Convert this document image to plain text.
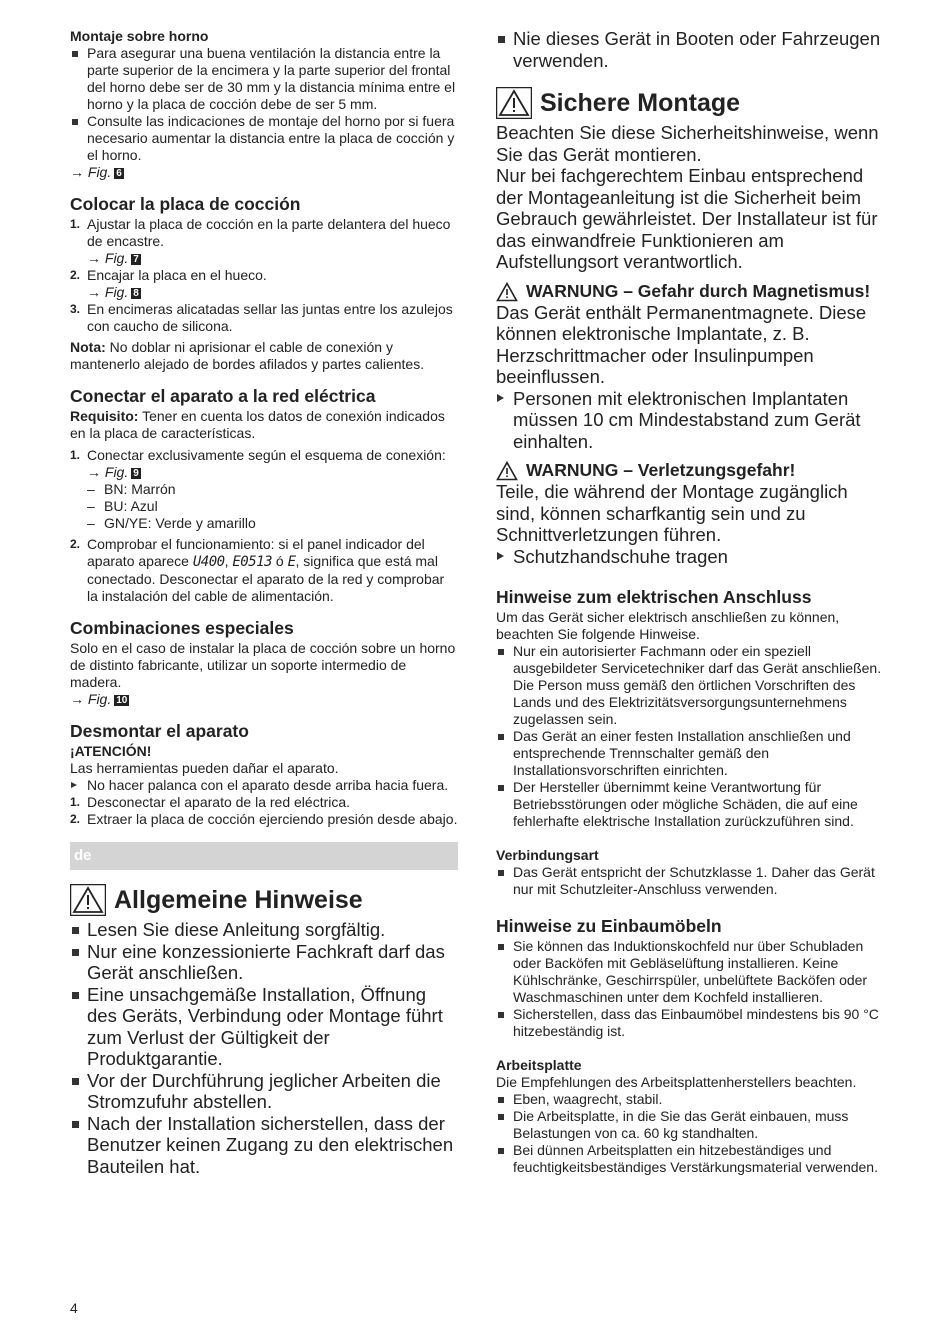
Montaje sobre horno

Para asegurar una buena ventilación la distancia entre la parte superior de la encimera y la parte superior del frontal del horno debe ser de 30 mm y la distancia mínima entre el horno y la placa de cocción debe de ser 5 mm.
Consulte las indicaciones de montaje del horno por si fuera necesario aumentar la distancia entre la placa de cocción y el horno.

→ Fig. 6

Colocar la placa de cocción

1. Ajustar la placa de cocción en la parte delantera del hueco de encastre.
→ Fig. 7
2. Encajar la placa en el hueco.
→ Fig. 8
3. En encimeras alicatadas sellar las juntas entre los azulejos con caucho de silicona.

Nota: No doblar ni aprisionar el cable de conexión y mantenerlo alejado de bordes afilados y partes calientes.

Conectar el aparato a la red eléctrica

Requisito: Tener en cuenta los datos de conexión indicados en la placa de características.

1. Conectar exclusivamente según el esquema de conexión:
→ Fig. 9
– BN: Marrón
– BU: Azul
– GN/YE: Verde y amarillo
2. Comprobar el funcionamiento: si el panel indicador del aparato aparece U400, E0513 ó E, significa que está mal conectado. Desconectar el aparato de la red y comprobar la instalación del cable de alimentación.

Combinaciones especiales

Solo en el caso de instalar la placa de cocción sobre un horno de distinto fabricante, utilizar un soporte intermedio de madera.

→ Fig. 10

Desmontar el aparato

¡ATENCIÓN!

Las herramientas pueden dañar el aparato.

No hacer palanca con el aparato desde arriba hacia fuera.
1. Desconectar el aparato de la red eléctrica.
2. Extraer la placa de cocción ejerciendo presión desde abajo.
de
Allgemeine Hinweise
Lesen Sie diese Anleitung sorgfältig.
Nur eine konzessionierte Fachkraft darf das Gerät anschließen.
Eine unsachgemäße Installation, Öffnung des Geräts, Verbindung oder Montage führt zum Verlust der Gültigkeit der Produktgarantie.
Vor der Durchführung jeglicher Arbeiten die Stromzufuhr abstellen.
Nach der Installation sicherstellen, dass der Benutzer keinen Zugang zu den elektrischen Bauteilen hat.
Nie dieses Gerät in Booten oder Fahrzeugen verwenden.
Sichere Montage

Beachten Sie diese Sicherheitshinweise, wenn Sie das Gerät montieren.

Nur bei fachgerechtem Einbau entsprechend der Montageanleitung ist die Sicherheit beim Gebrauch gewährleistet. Der Installateur ist für das einwandfreie Funktionieren am Aufstellungsort verantwortlich.

WARNUNG – Gefahr durch Magnetismus!

Das Gerät enthält Permanentmagnete. Diese können elektronische Implantate, z. B. Herzschrittmacher oder Insulinpumpen beeinflussen.

Personen mit elektronischen Implantaten müssen 10 cm Mindestabstand zum Gerät einhalten.
WARNUNG – Verletzungsgefahr!

Teile, die während der Montage zugänglich sind, können scharfkantig sein und zu Schnittverletzungen führen.

Schutzhandschuhe tragen

Hinweise zum elektrischen Anschluss

Um das Gerät sicher elektrisch anschließen zu können, beachten Sie folgende Hinweise.

Nur ein autorisierter Fachmann oder ein speziell ausgebildeter Servicetechniker darf das Gerät anschließen. Die Person muss gemäß den örtlichen Vorschriften des Lands und des Elektrizitätsversorgungsunternehmens zugelassen sein.
Das Gerät an einer festen Installation anschließen und entsprechende Trennschalter gemäß den Installationsvorschriften einrichten.
Der Hersteller übernimmt keine Verantwortung für Betriebsstörungen oder mögliche Schäden, die auf eine fehlerhafte elektrische Installation zurückzuführen sind.

Verbindungsart

Das Gerät entspricht der Schutzklasse 1. Daher das Gerät nur mit Schutzleiter-Anschluss verwenden.

Hinweise zu Einbaumöbeln

Sie können das Induktionskochfeld nur über Schubladen oder Backöfen mit Gebläselüftung installieren. Keine Kühlschränke, Geschirrspüler, unbelüftete Backöfen oder Waschmaschinen unter dem Kochfeld installieren.
Sicherstellen, dass das Einbaumöbel mindestens bis 90 °C hitzebeständig ist.

Arbeitsplatte

Die Empfehlungen des Arbeitsplattenherstellers beachten.

Eben, waagrecht, stabil.
Die Arbeitsplatte, in die Sie das Gerät einbauen, muss Belastungen von ca. 60 kg standhalten.
Bei dünnen Arbeitsplatten ein hitzebeständiges und feuchtigkeitsbeständiges Verstärkungsmaterial verwenden.
4
